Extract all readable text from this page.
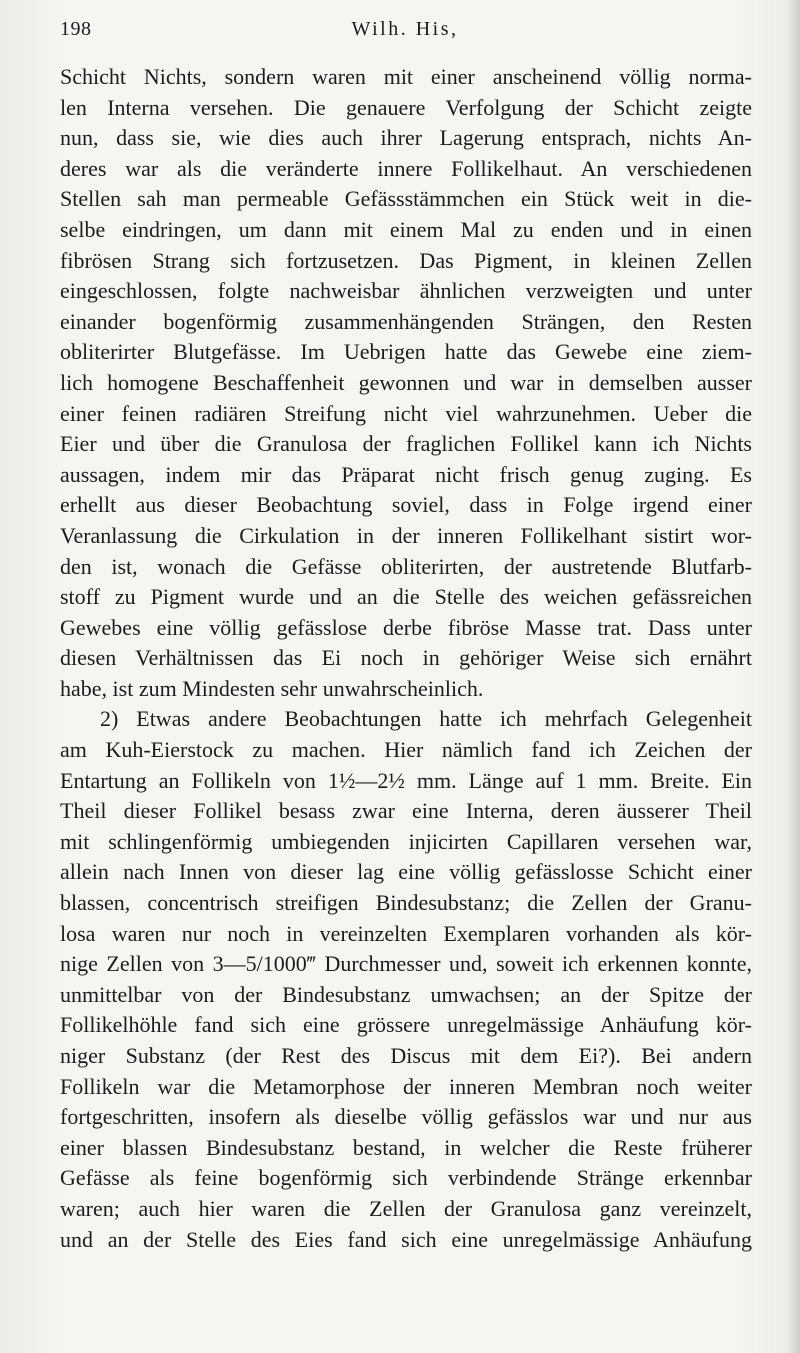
198	Wilh. His,
Schicht Nichts, sondern waren mit einer anscheinend völlig norma-
len Interna versehen. Die genauere Verfolgung der Schicht zeigte
nun, dass sie, wie dies auch ihrer Lagerung entsprach, nichts An-
deres war als die veränderte innere Follikelhaut. An verschiedenen
Stellen sah man permeable Gefässstämmchen ein Stück weit in die-
selbe eindringen, um dann mit einem Mal zu enden und in einen
fibrösen Strang sich fortzusetzen. Das Pigment, in kleinen Zellen
eingeschlossen, folgte nachweisbar ähnlichen verzweigten und unter
einander bogenförmig zusammenhängenden Strängen, den Resten
obliterirter Blutgefässe. Im Uebrigen hatte das Gewebe eine ziem-
lich homogene Beschaffenheit gewonnen und war in demselben ausser
einer feinen radiären Streifung nicht viel wahrzunehmen. Ueber die
Eier und über die Granulosa der fraglichen Follikel kann ich Nichts
aussagen, indem mir das Präparat nicht frisch genug zuging. Es
erhellt aus dieser Beobachtung soviel, dass in Folge irgend einer
Veranlassung die Cirkulation in der inneren Follikelhant sistirt wor-
den ist, wonach die Gefässe obliterirten, der austretende Blutfarb-
stoff zu Pigment wurde und an die Stelle des weichen gefässreichen
Gewebes eine völlig gefässlose derbe fibröse Masse trat. Dass unter
diesen Verhältnissen das Ei noch in gehöriger Weise sich ernährt
habe, ist zum Mindesten sehr unwahrscheinlich.
2) Etwas andere Beobachtungen hatte ich mehrfach Gelegenheit
am Kuh-Eierstock zu machen. Hier nämlich fand ich Zeichen der
Entartung an Follikeln von 1½—2½ mm. Länge auf 1 mm. Breite. Ein
Theil dieser Follikel besass zwar eine Interna, deren äusserer Theil
mit schlingenförmig umbiegenden injicirten Capillaren versehen war,
allein nach Innen von dieser lag eine völlig gefässlosse Schicht einer
blassen, concentrisch streifigen Bindesubstanz; die Zellen der Granu-
losa waren nur noch in vereinzelten Exemplaren vorhanden als kör-
nige Zellen von 3—5/1000‴ Durchmesser und, soweit ich erkennen konnte,
unmittelbar von der Bindesubstanz umwachsen; an der Spitze der
Follikelhöhle fand sich eine grössere unregelmässige Anhäufung kör-
niger Substanz (der Rest des Discus mit dem Ei?). Bei andern
Follikeln war die Metamorphose der inneren Membran noch weiter
fortgeschritten, insofern als dieselbe völlig gefässlos war und nur aus
einer blassen Bindesubstanz bestand, in welcher die Reste früherer
Gefässe als feine bogenförmig sich verbindende Stränge erkennbar
waren; auch hier waren die Zellen der Granulosa ganz vereinzelt,
und an der Stelle des Eies fand sich eine unregelmässige Anhäufung
